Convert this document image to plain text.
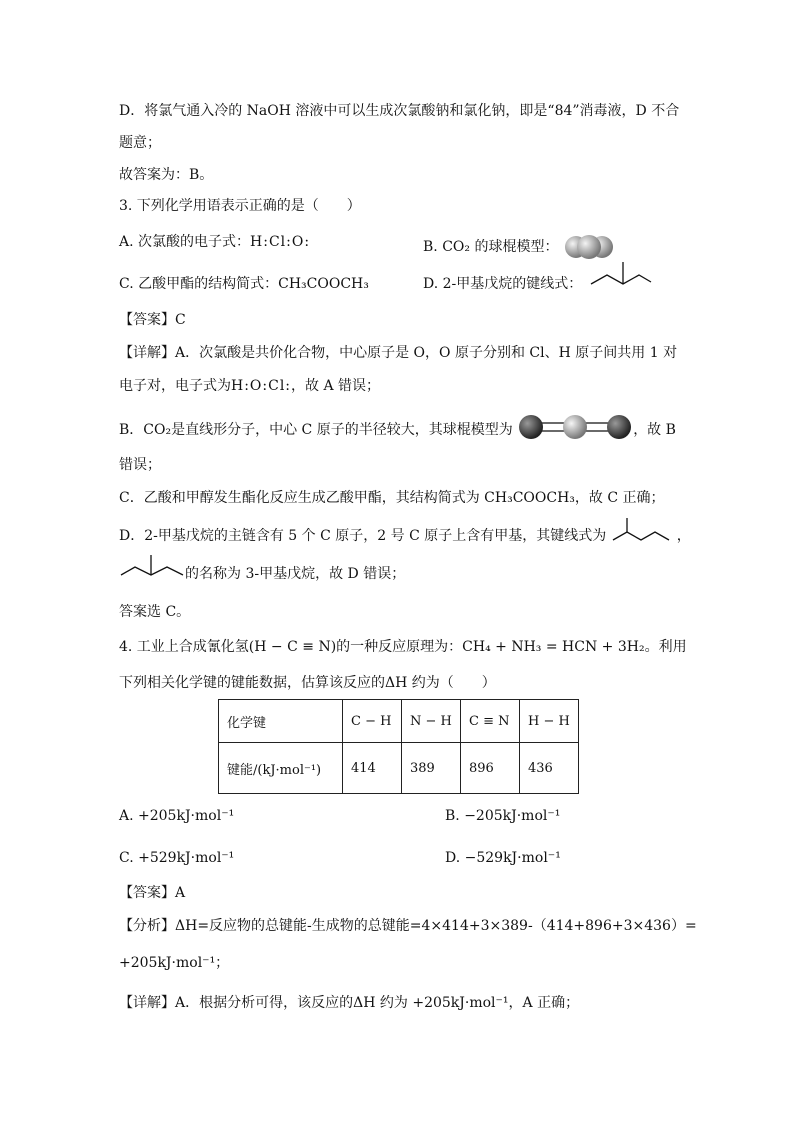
D．将氯气通入冷的 NaOH 溶液中可以生成次氯酸钠和氯化钠，即是“84”消毒液，D 不合
题意；
故答案为：B。
3. 下列化学用语表示正确的是（　　）
A. 次氯酸的电子式：H:Cl:O:	B. CO₂ 的球棍模型：
C. 乙酸甲酯的结构简式：CH₃COOCH₃	D. 2-甲基戊烷的键线式：
【答案】C
【详解】A．次氯酸是共价化合物，中心原子是 O，O 原子分别和 Cl、H 原子间共用 1 对
电子对，电子式为H:O:Cl:，故 A 错误；
B．CO₂是直线形分子，中心 C 原子的半径较大，其球棍模型为	，故 B
错误；
C．乙酸和甲醇发生酯化反应生成乙酸甲酯，其结构简式为 CH₃COOCH₃，故 C 正确；
D．2-甲基戊烷的主链含有 5 个 C 原子，2 号 C 原子上含有甲基，其键线式为	，
的名称为 3-甲基戊烷，故 D 错误；
答案选 C。
4. 工业上合成氰化氢(H − C ≡ N)的一种反应原理为：CH₄ + NH₃ = HCN + 3H₂。利用
下列相关化学键的键能数据，估算该反应的ΔH 约为（　　）
化学键	C − H	N − H	C ≡ N	H − H
键能/(kJ·mol⁻¹)	414	389	896	436
A. +205kJ·mol⁻¹	B. −205kJ·mol⁻¹
C. +529kJ·mol⁻¹	D. −529kJ·mol⁻¹
【答案】A
【分析】ΔH=反应物的总键能-生成物的总键能=4×414+3×389-（414+896+3×436）=
+205kJ·mol⁻¹；
【详解】A．根据分析可得，该反应的ΔH 约为 +205kJ·mol⁻¹，A 正确；
